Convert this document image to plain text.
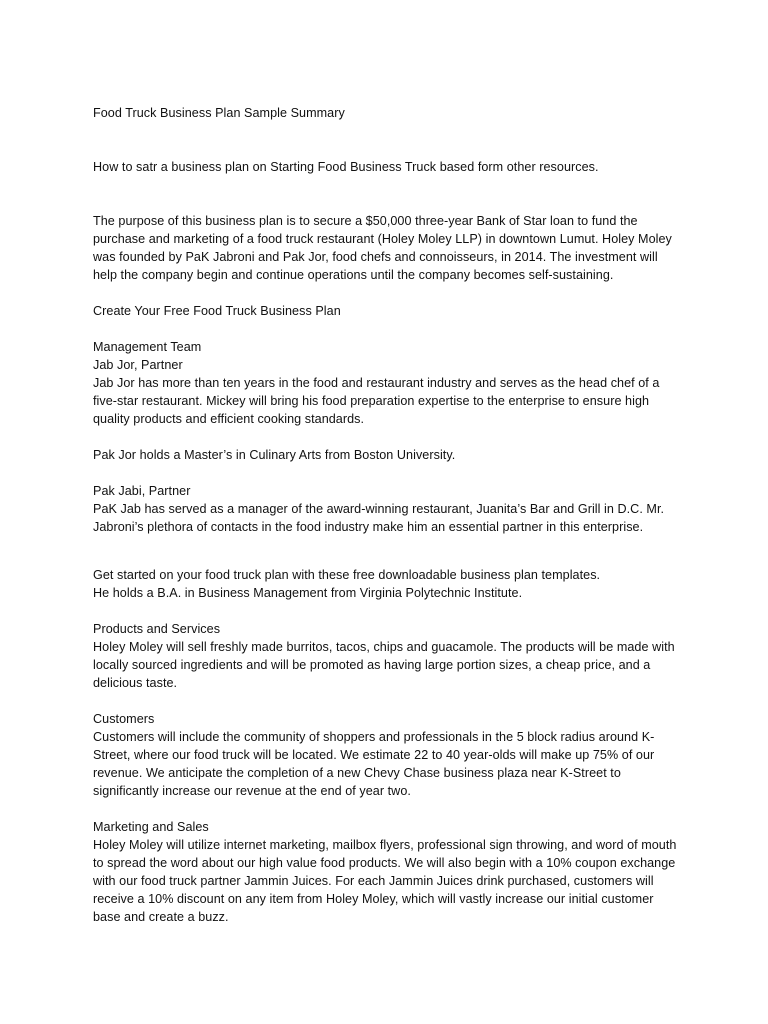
Food Truck Business Plan Sample Summary

How to satr a business plan on Starting Food Business Truck based form other resources.

The purpose of this business plan is to secure a $50,000 three-year Bank of Star loan to fund the purchase and marketing of a food truck restaurant (Holey Moley LLP) in downtown Lumut. Holey Moley was founded by PaK Jabroni and Pak Jor, food chefs and connoisseurs, in 2014. The investment will help the company begin and continue operations until the company becomes self-sustaining.

Create Your Free Food Truck Business Plan

Management Team

Jab Jor, Partner

Jab Jor has more than ten years in the food and restaurant industry and serves as the head chef of a five-star restaurant. Mickey will bring his food preparation expertise to the enterprise to ensure high quality products and efficient cooking standards.

Pak Jor holds a Master’s in Culinary Arts from Boston University.

Pak Jabi, Partner

PaK Jab has served as a manager of the award-winning restaurant, Juanita’s Bar and Grill in D.C. Mr. Jabroni’s plethora of contacts in the food industry make him an essential partner in this enterprise.

Get started on your food truck plan with these free downloadable business plan templates.

He holds a B.A. in Business Management from Virginia Polytechnic Institute.

Products and Services

Holey Moley will sell freshly made burritos, tacos, chips and guacamole. The products will be made with locally sourced ingredients and will be promoted as having large portion sizes, a cheap price, and a delicious taste.

Customers

Customers will include the community of shoppers and professionals in the 5 block radius around K-Street, where our food truck will be located. We estimate 22 to 40 year-olds will make up 75% of our revenue. We anticipate the completion of a new Chevy Chase business plaza near K-Street to significantly increase our revenue at the end of year two.

Marketing and Sales

Holey Moley will utilize internet marketing, mailbox flyers, professional sign throwing, and word of mouth to spread the word about our high value food products. We will also begin with a 10% coupon exchange with our food truck partner Jammin Juices. For each Jammin Juices drink purchased, customers will receive a 10% discount on any item from Holey Moley, which will vastly increase our initial customer base and create a buzz.
